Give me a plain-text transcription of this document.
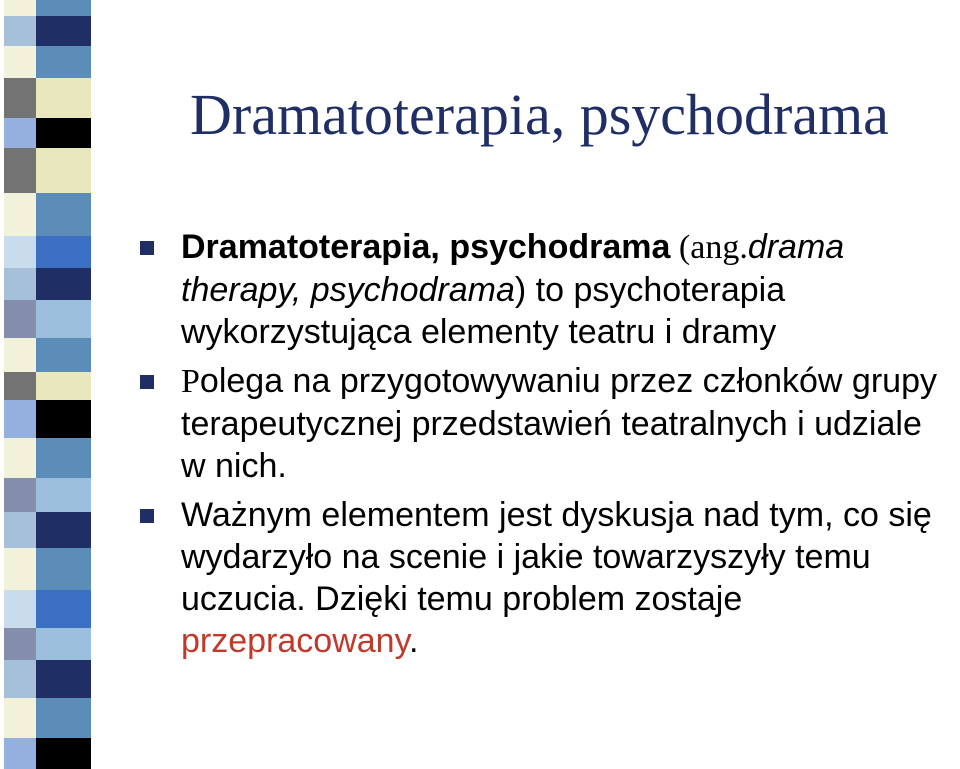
Dramatoterapia, psychodrama
Dramatoterapia, psychodrama (ang.drama therapy, psychodrama) to psychoterapia wykorzystująca elementy teatru i dramy
Polega na przygotowywaniu przez członków grupy terapeutycznej przedstawień teatralnych i udziale w nich.
Ważnym elementem jest dyskusja nad tym, co się wydarzyło na scenie i jakie towarzyszyły temu uczucia. Dzięki temu problem zostaje przepracowany.
